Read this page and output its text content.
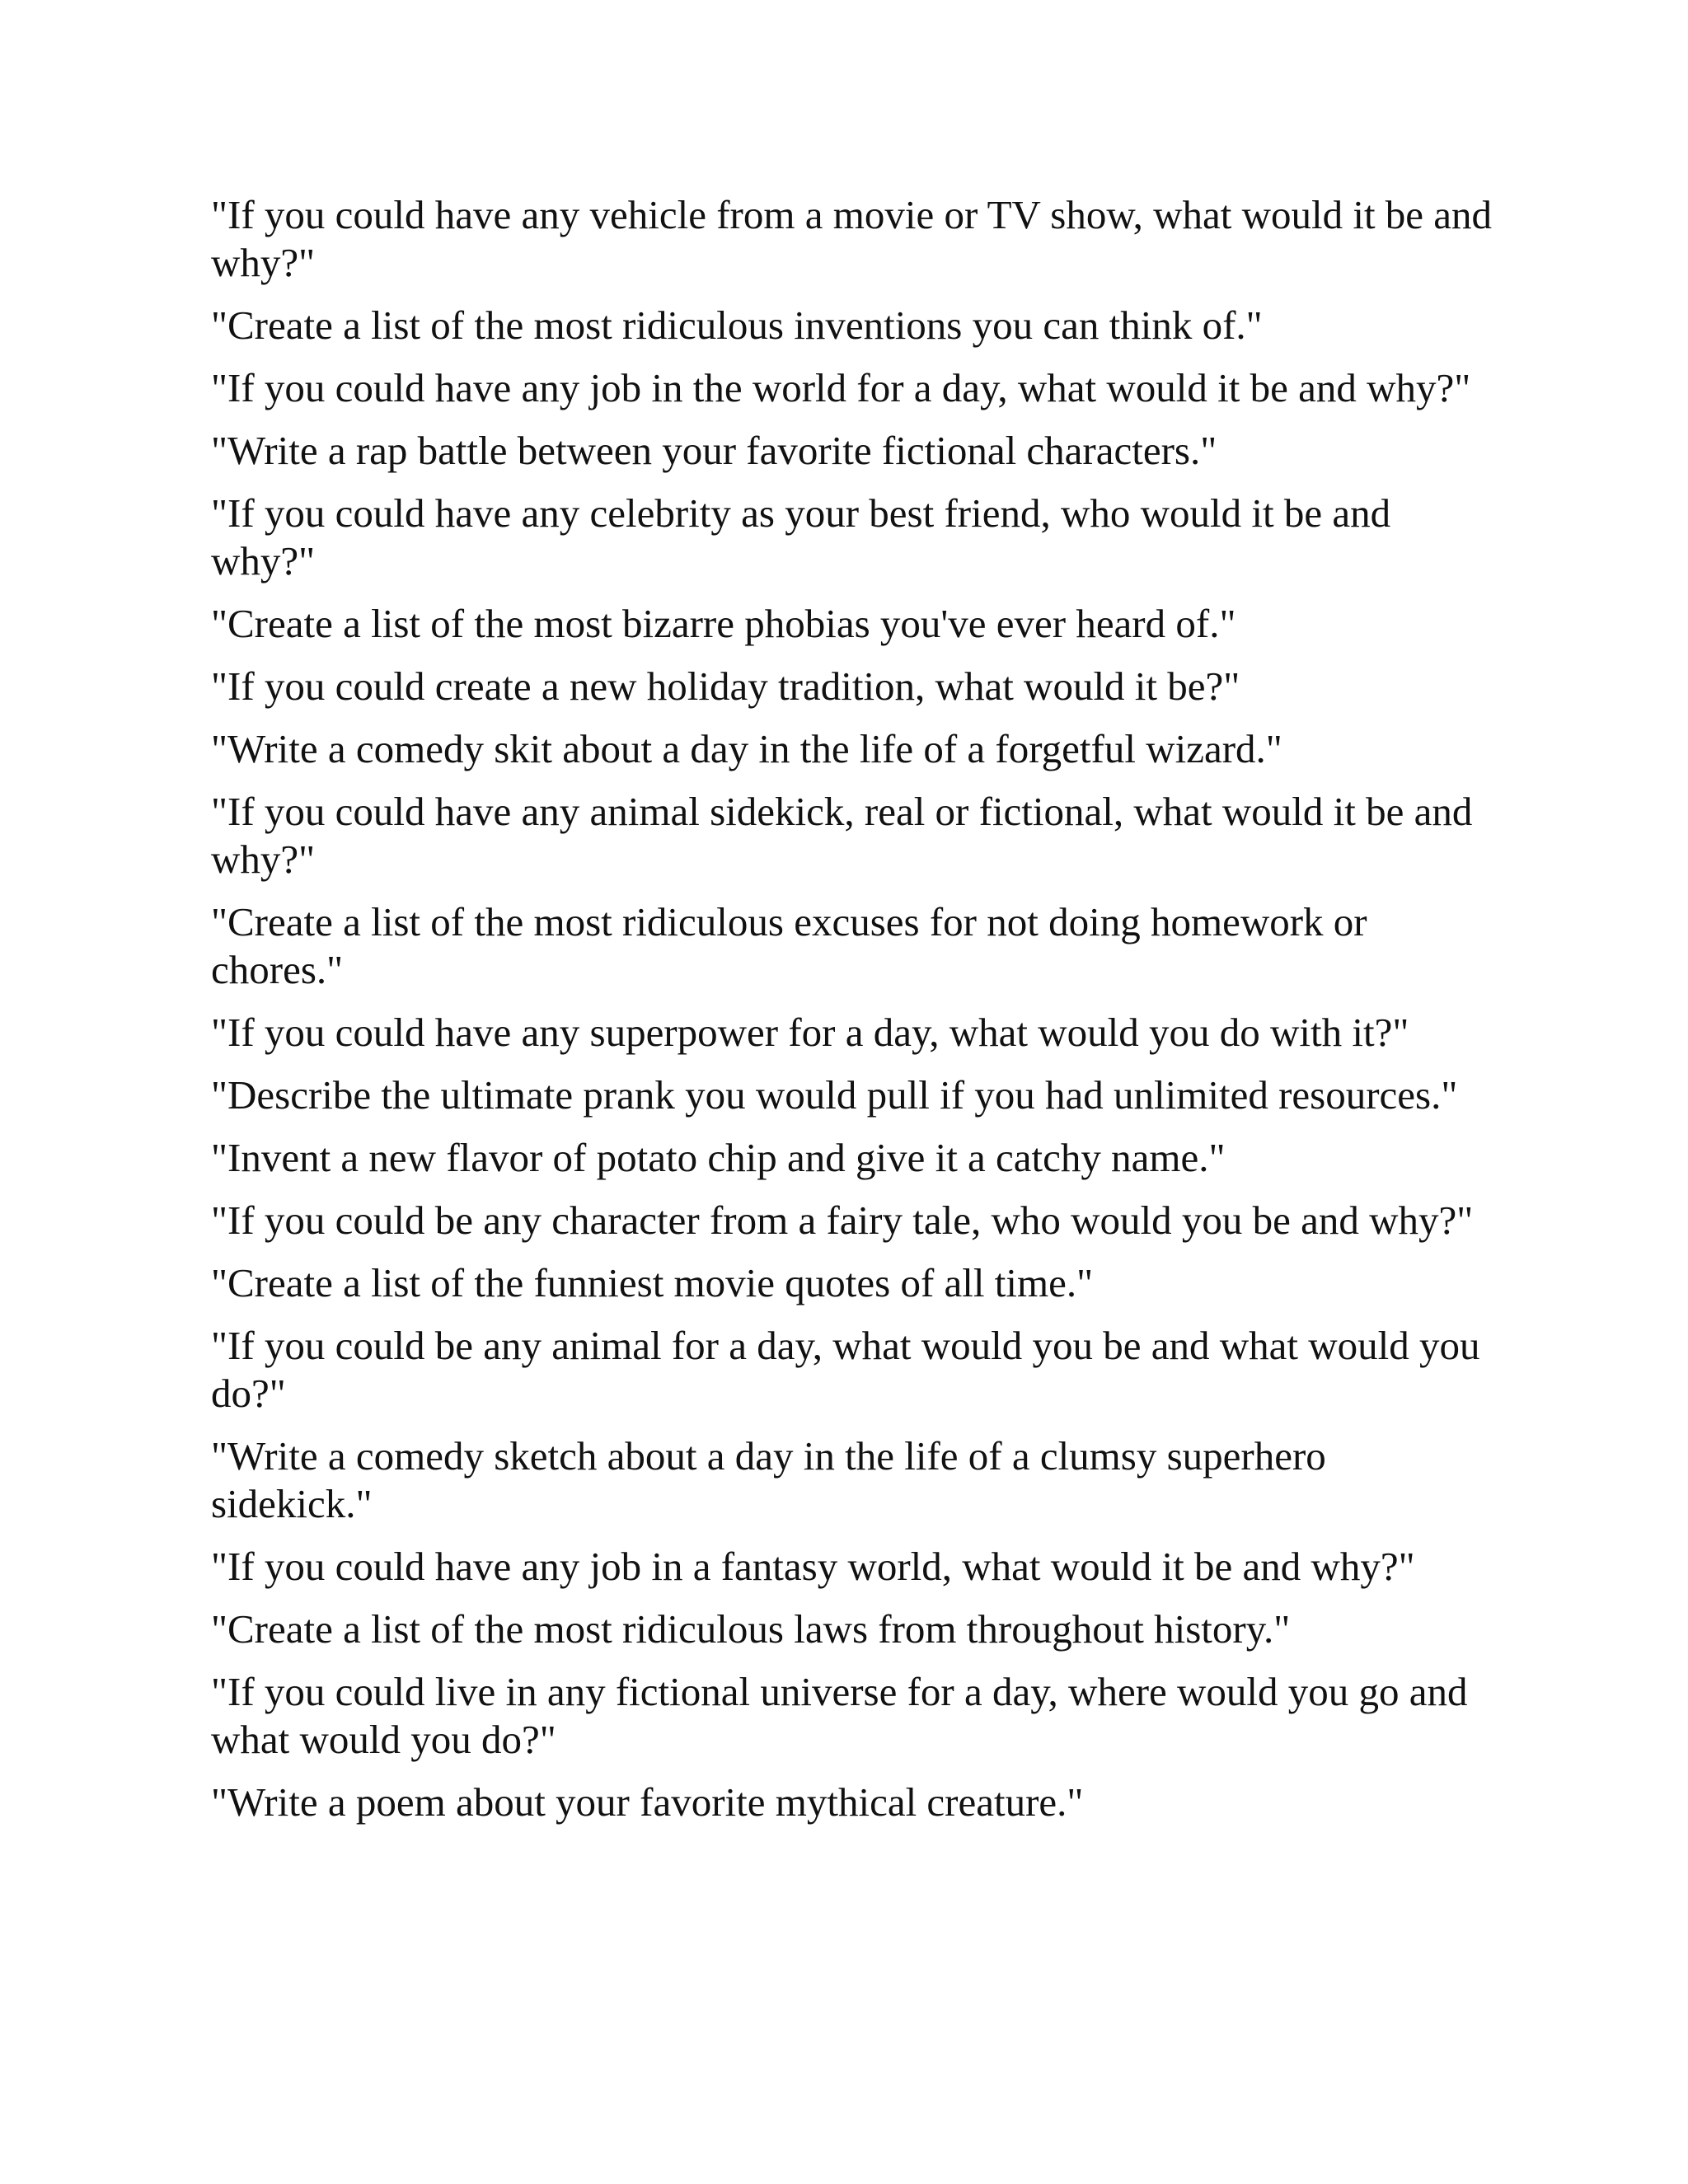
"If you could have any vehicle from a movie or TV show, what would it be and why?"
"Create a list of the most ridiculous inventions you can think of."
"If you could have any job in the world for a day, what would it be and why?"
"Write a rap battle between your favorite fictional characters."
"If you could have any celebrity as your best friend, who would it be and why?"
"Create a list of the most bizarre phobias you've ever heard of."
"If you could create a new holiday tradition, what would it be?"
"Write a comedy skit about a day in the life of a forgetful wizard."
"If you could have any animal sidekick, real or fictional, what would it be and why?"
"Create a list of the most ridiculous excuses for not doing homework or chores."
"If you could have any superpower for a day, what would you do with it?"
"Describe the ultimate prank you would pull if you had unlimited resources."
"Invent a new flavor of potato chip and give it a catchy name."
"If you could be any character from a fairy tale, who would you be and why?"
"Create a list of the funniest movie quotes of all time."
"If you could be any animal for a day, what would you be and what would you do?"
"Write a comedy sketch about a day in the life of a clumsy superhero sidekick."
"If you could have any job in a fantasy world, what would it be and why?"
"Create a list of the most ridiculous laws from throughout history."
"If you could live in any fictional universe for a day, where would you go and what would you do?"
"Write a poem about your favorite mythical creature."
